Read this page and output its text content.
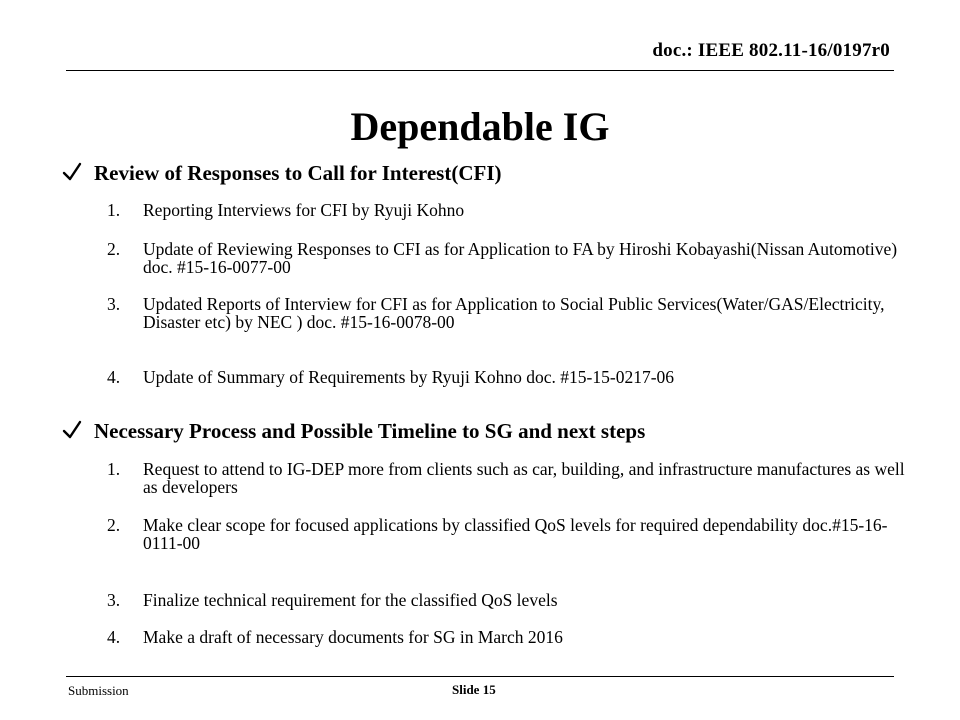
doc.: IEEE 802.11-16/0197r0
Dependable IG
Review of Responses to Call for Interest(CFI)
1.	Reporting Interviews for CFI by Ryuji Kohno
2.	Update of Reviewing Responses to CFI as for Application to FA by Hiroshi Kobayashi(Nissan Automotive) doc. #15-16-0077-00
3.	Updated Reports of Interview for CFI as for Application to Social Public Services(Water/GAS/Electricity, Disaster etc) by NEC ) doc. #15-16-0078-00
4.	Update of Summary of Requirements by Ryuji Kohno doc. #15-15-0217-06
Necessary Process and Possible Timeline to SG and next steps
1.	Request to attend to IG-DEP more from clients such as car, building, and infrastructure manufactures as well as developers
2.	Make clear scope for focused applications by classified QoS levels for required dependability doc.#15-16-0111-00
3.	Finalize technical requirement for the classified QoS levels
4.	Make a draft of necessary documents for SG in March 2016
Submission	Slide 15
